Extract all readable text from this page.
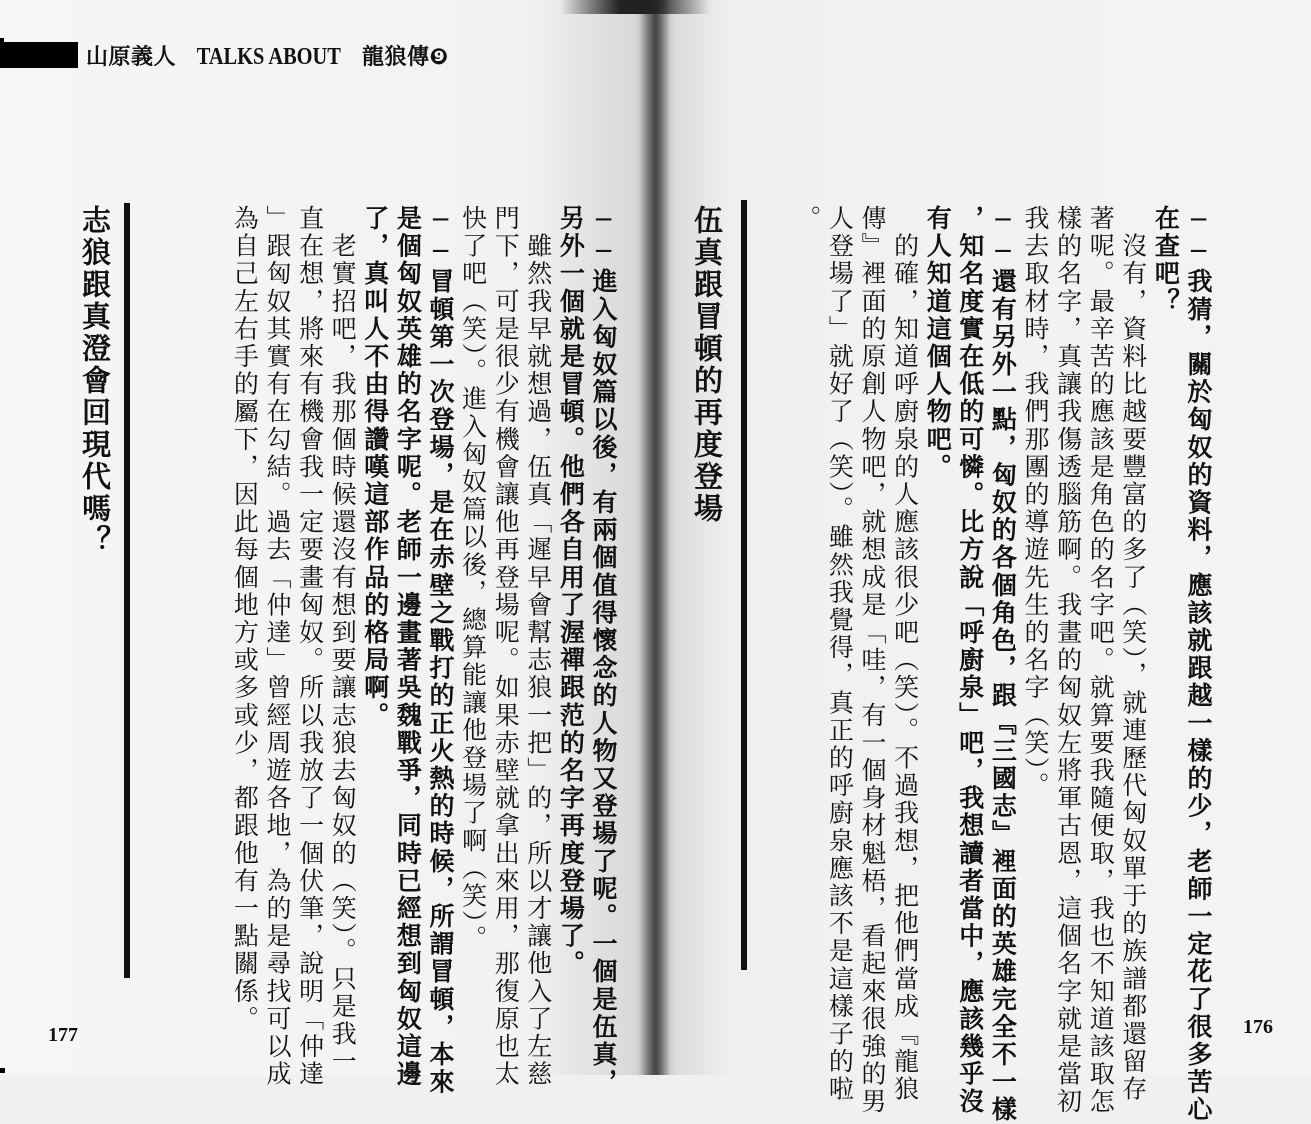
山原義人 TALKS ABOUT 龍狼傳❾
──我猜，關於匈奴的資料，應該就跟越一樣的少，老師一定花了很多苦心
在查吧？
　沒有，資料比越要豐富的多了（笑），就連歷代匈奴單于的族譜都還留存
著呢。最辛苦的應該是角色的名字吧。就算要我隨便取，我也不知道該取怎
樣的名字，真讓我傷透腦筋啊。我畫的匈奴左將軍古恩，這個名字就是當初
我去取材時，我們那團的導遊先生的名字（笑）。
──還有另外一點，匈奴的各個角色，跟『三國志』裡面的英雄完全不一樣
，知名度實在低的可憐。比方說「呼廚泉」吧，我想讀者當中，應該幾乎沒
有人知道這個人物吧。
　的確，知道呼廚泉的人應該很少吧（笑）。不過我想，把他們當成『龍狼
傳』裡面的原創人物吧，就想成是「哇，有一個身材魁梧，看起來很強的男
人登場了」就好了（笑）。雖然我覺得，真正的呼廚泉應該不是這樣子的啦
。
伍真跟冒頓的再度登場
176
──進入匈奴篇以後，有兩個值得懷念的人物又登場了呢。一個是伍真，
另外一個就是冒頓。他們各自用了渥禪跟范的名字再度登場了。
　雖然我早就想過，伍真「遲早會幫志狼一把」的，所以才讓他入了左慈
門下，可是很少有機會讓他再登場呢。如果赤壁就拿出來用，那復原也太
快了吧（笑）。進入匈奴篇以後，總算能讓他登場了啊（笑）。
──冒頓第一次登場，是在赤壁之戰打的正火熱的時候，所謂冒頓，本來
是個匈奴英雄的名字呢。老師一邊畫著吳魏戰爭，同時已經想到匈奴這邊
了，真叫人不由得讚嘆這部作品的格局啊。
　老實招吧，我那個時候還沒有想到要讓志狼去匈奴的（笑）。只是我一
直在想，將來有機會我一定要畫匈奴。所以我放了一個伏筆，說明「仲達
」跟匈奴其實有在勾結。過去「仲達」曾經周遊各地，為的是尋找可以成
為自己左右手的屬下，因此每個地方或多或少，都跟他有一點關係。
志狼跟真澄會回現代嗎？
177
